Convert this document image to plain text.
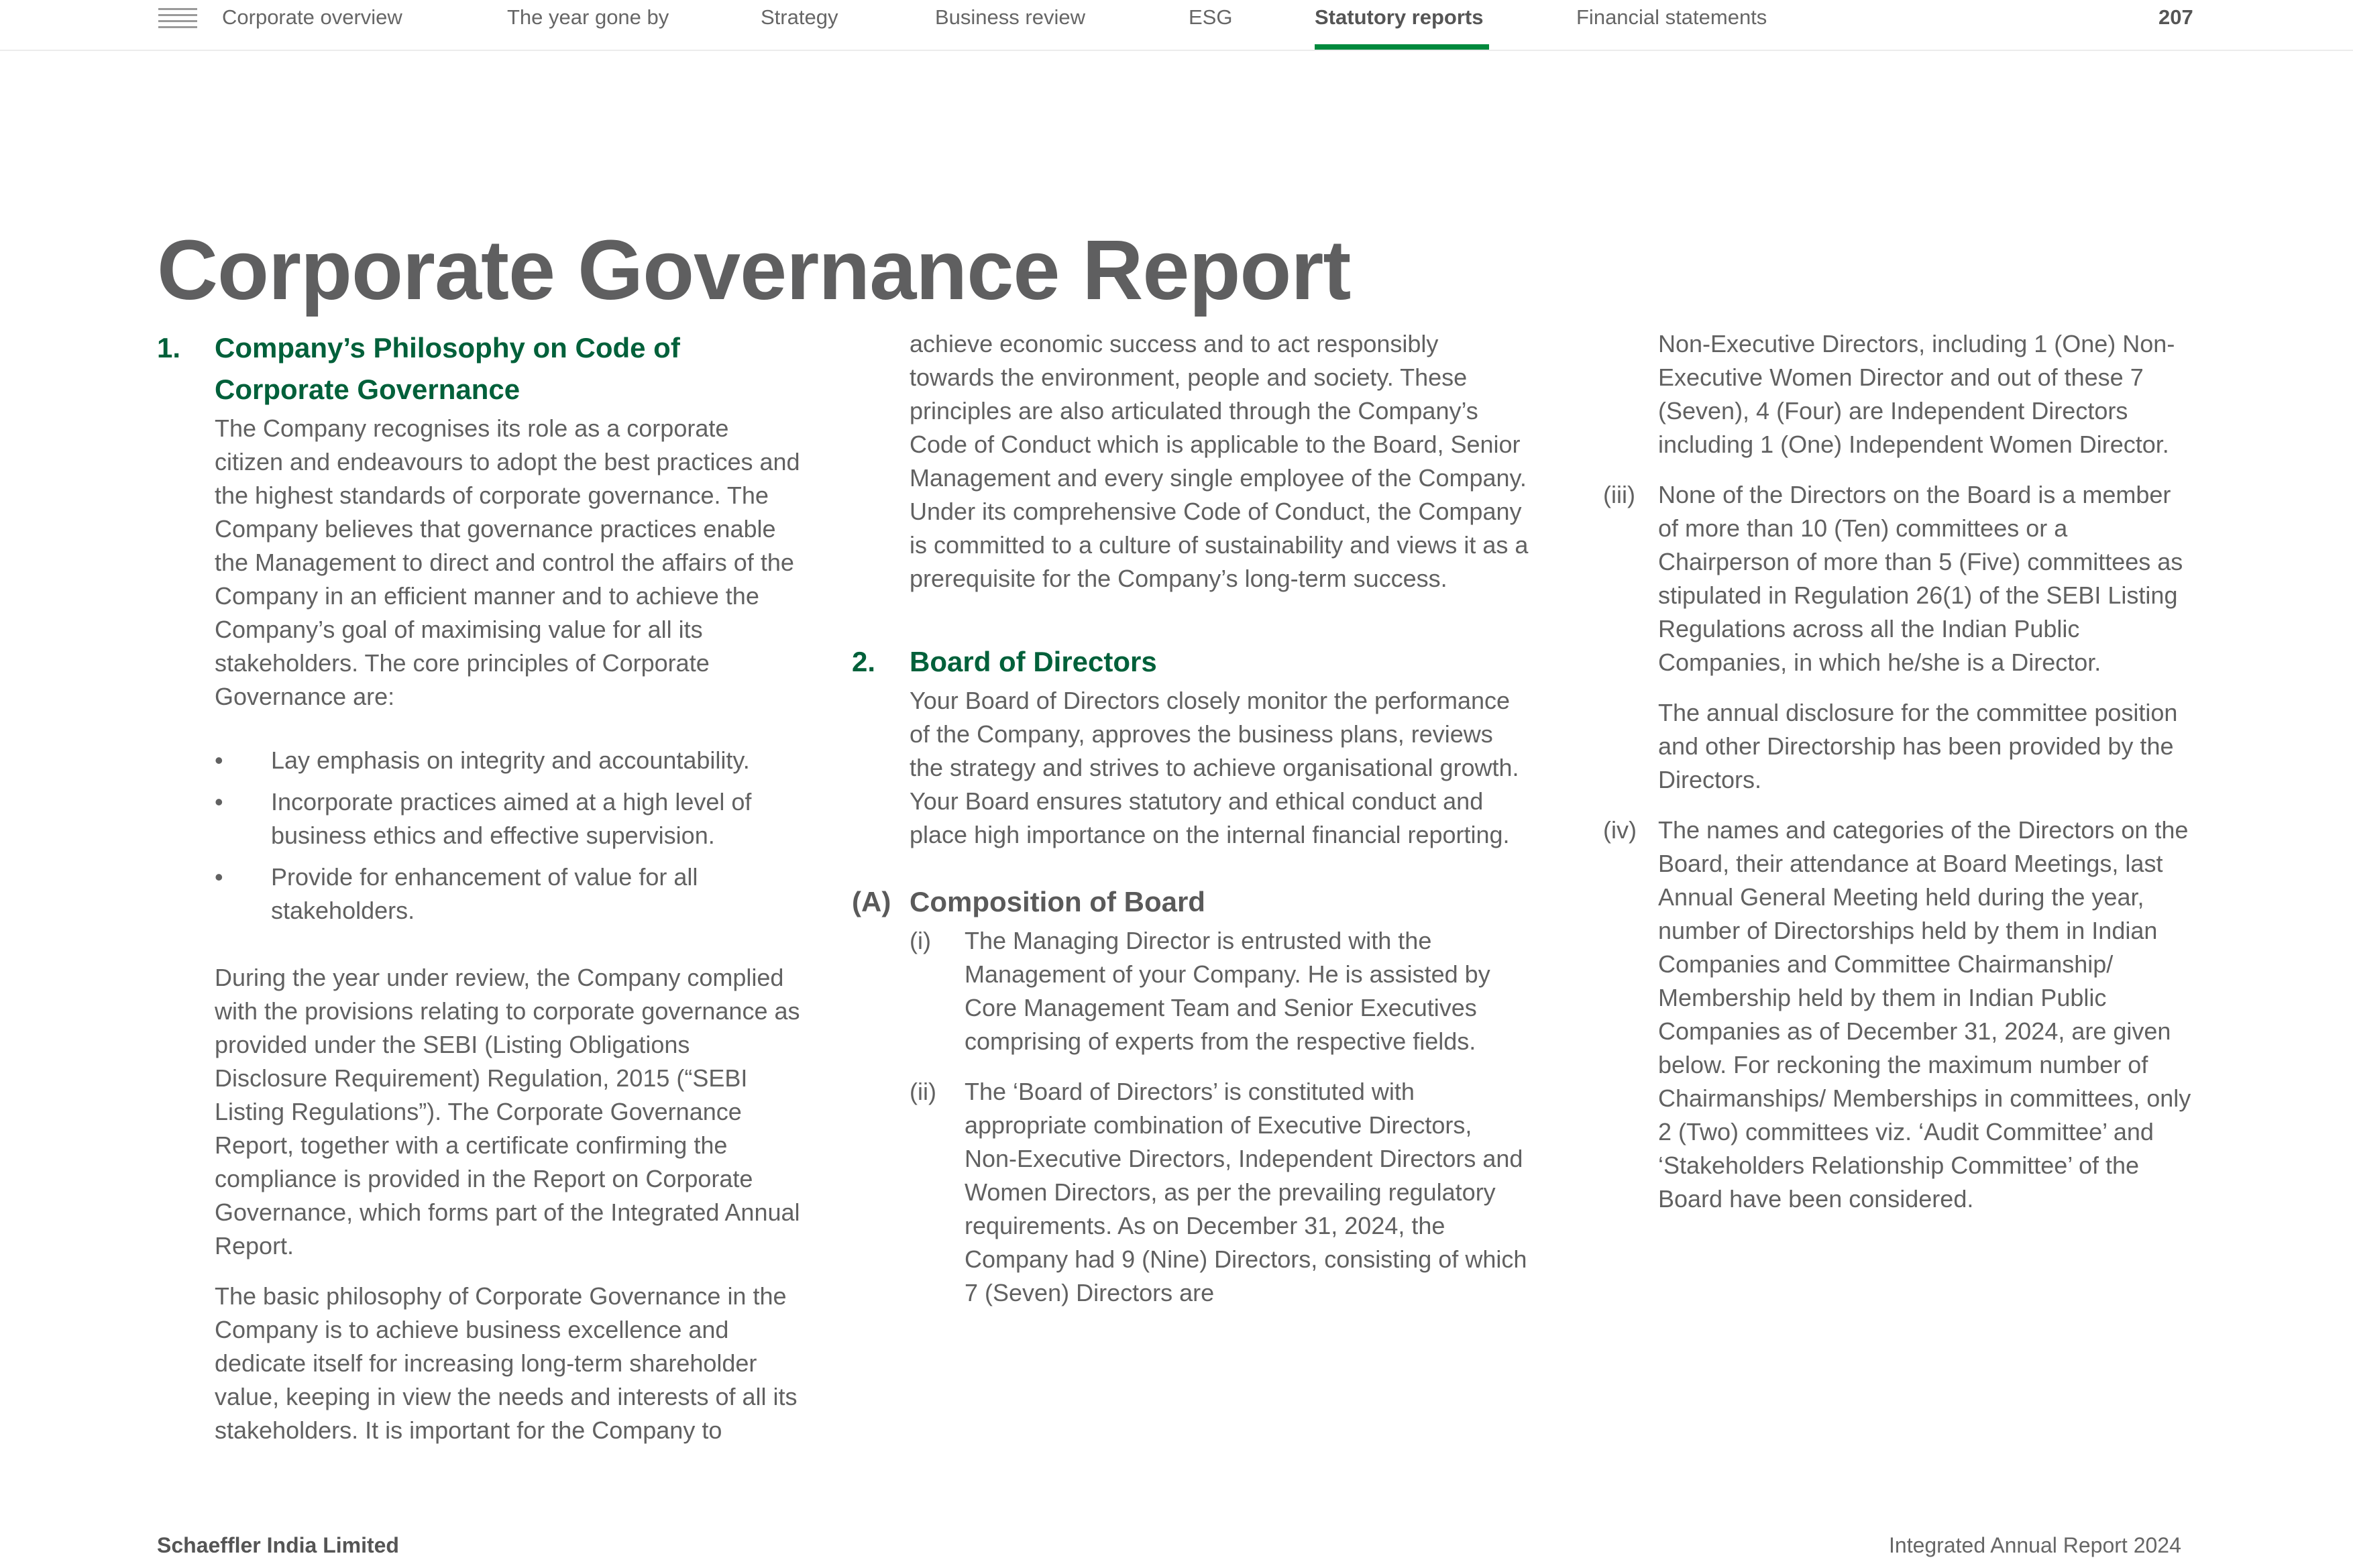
Corporate overview	The year gone by	Strategy	Business review	ESG	Statutory reports	Financial statements	207
Corporate Governance Report

1. Company’s Philosophy on Code of Corporate Governance

The Company recognises its role as a corporate citizen and endeavours to adopt the best practices and the highest standards of corporate governance. The Company believes that governance practices enable the Management to direct and control the affairs of the Company in an efficient manner and to achieve the Company’s goal of maximising value for all its stakeholders. The core principles of Corporate Governance are:

• Lay emphasis on integrity and accountability.
• Incorporate practices aimed at a high level of business ethics and effective supervision.
• Provide for enhancement of value for all stakeholders.

During the year under review, the Company complied with the provisions relating to corporate governance as provided under the SEBI (Listing Obligations Disclosure Requirement) Regulation, 2015 (“SEBI Listing Regulations”). The Corporate Governance Report, together with a certificate confirming the compliance is provided in the Report on Corporate Governance, which forms part of the Integrated Annual Report.

The basic philosophy of Corporate Governance in the Company is to achieve business excellence and dedicate itself for increasing long-term shareholder value, keeping in view the needs and interests of all its stakeholders. It is important for the Company to

achieve economic success and to act responsibly towards the environment, people and society. These principles are also articulated through the Company’s Code of Conduct which is applicable to the Board, Senior Management and every single employee of the Company. Under its comprehensive Code of Conduct, the Company is committed to a culture of sustainability and views it as a prerequisite for the Company’s long-term success.

2. Board of Directors

Your Board of Directors closely monitor the performance of the Company, approves the business plans, reviews the strategy and strives to achieve organisational growth. Your Board ensures statutory and ethical conduct and place high importance on the internal financial reporting.

(A) Composition of Board

(i) The Managing Director is entrusted with the Management of your Company. He is assisted by Core Management Team and Senior Executives comprising of experts from the respective fields.
(ii) The ‘Board of Directors’ is constituted with appropriate combination of Executive Directors, Non-Executive Directors, Independent Directors and Women Directors, as per the prevailing regulatory requirements. As on December 31, 2024, the Company had 9 (Nine) Directors, consisting of which 7 (Seven) Directors are
Non-Executive Directors, including 1 (One) Non-Executive Women Director and out of these 7 (Seven), 4 (Four) are Independent Directors including 1 (One) Independent Women Director.
(iii) None of the Directors on the Board is a member of more than 10 (Ten) committees or a Chairperson of more than 5 (Five) committees as stipulated in Regulation 26(1) of the SEBI Listing Regulations across all the Indian Public Companies, in which he/she is a Director.
The annual disclosure for the committee position and other Directorship has been provided by the Directors.
(iv) The names and categories of the Directors on the Board, their attendance at Board Meetings, last Annual General Meeting held during the year, number of Directorships held by them in Indian Companies and Committee Chairmanship/ Membership held by them in Indian Public Companies as of December 31, 2024, are given below. For reckoning the maximum number of Chairmanships/ Memberships in committees, only 2 (Two) committees viz. ‘Audit Committee’ and ‘Stakeholders Relationship Committee’ of the Board have been considered.
Schaeffler India Limited	Integrated Annual Report 2024
